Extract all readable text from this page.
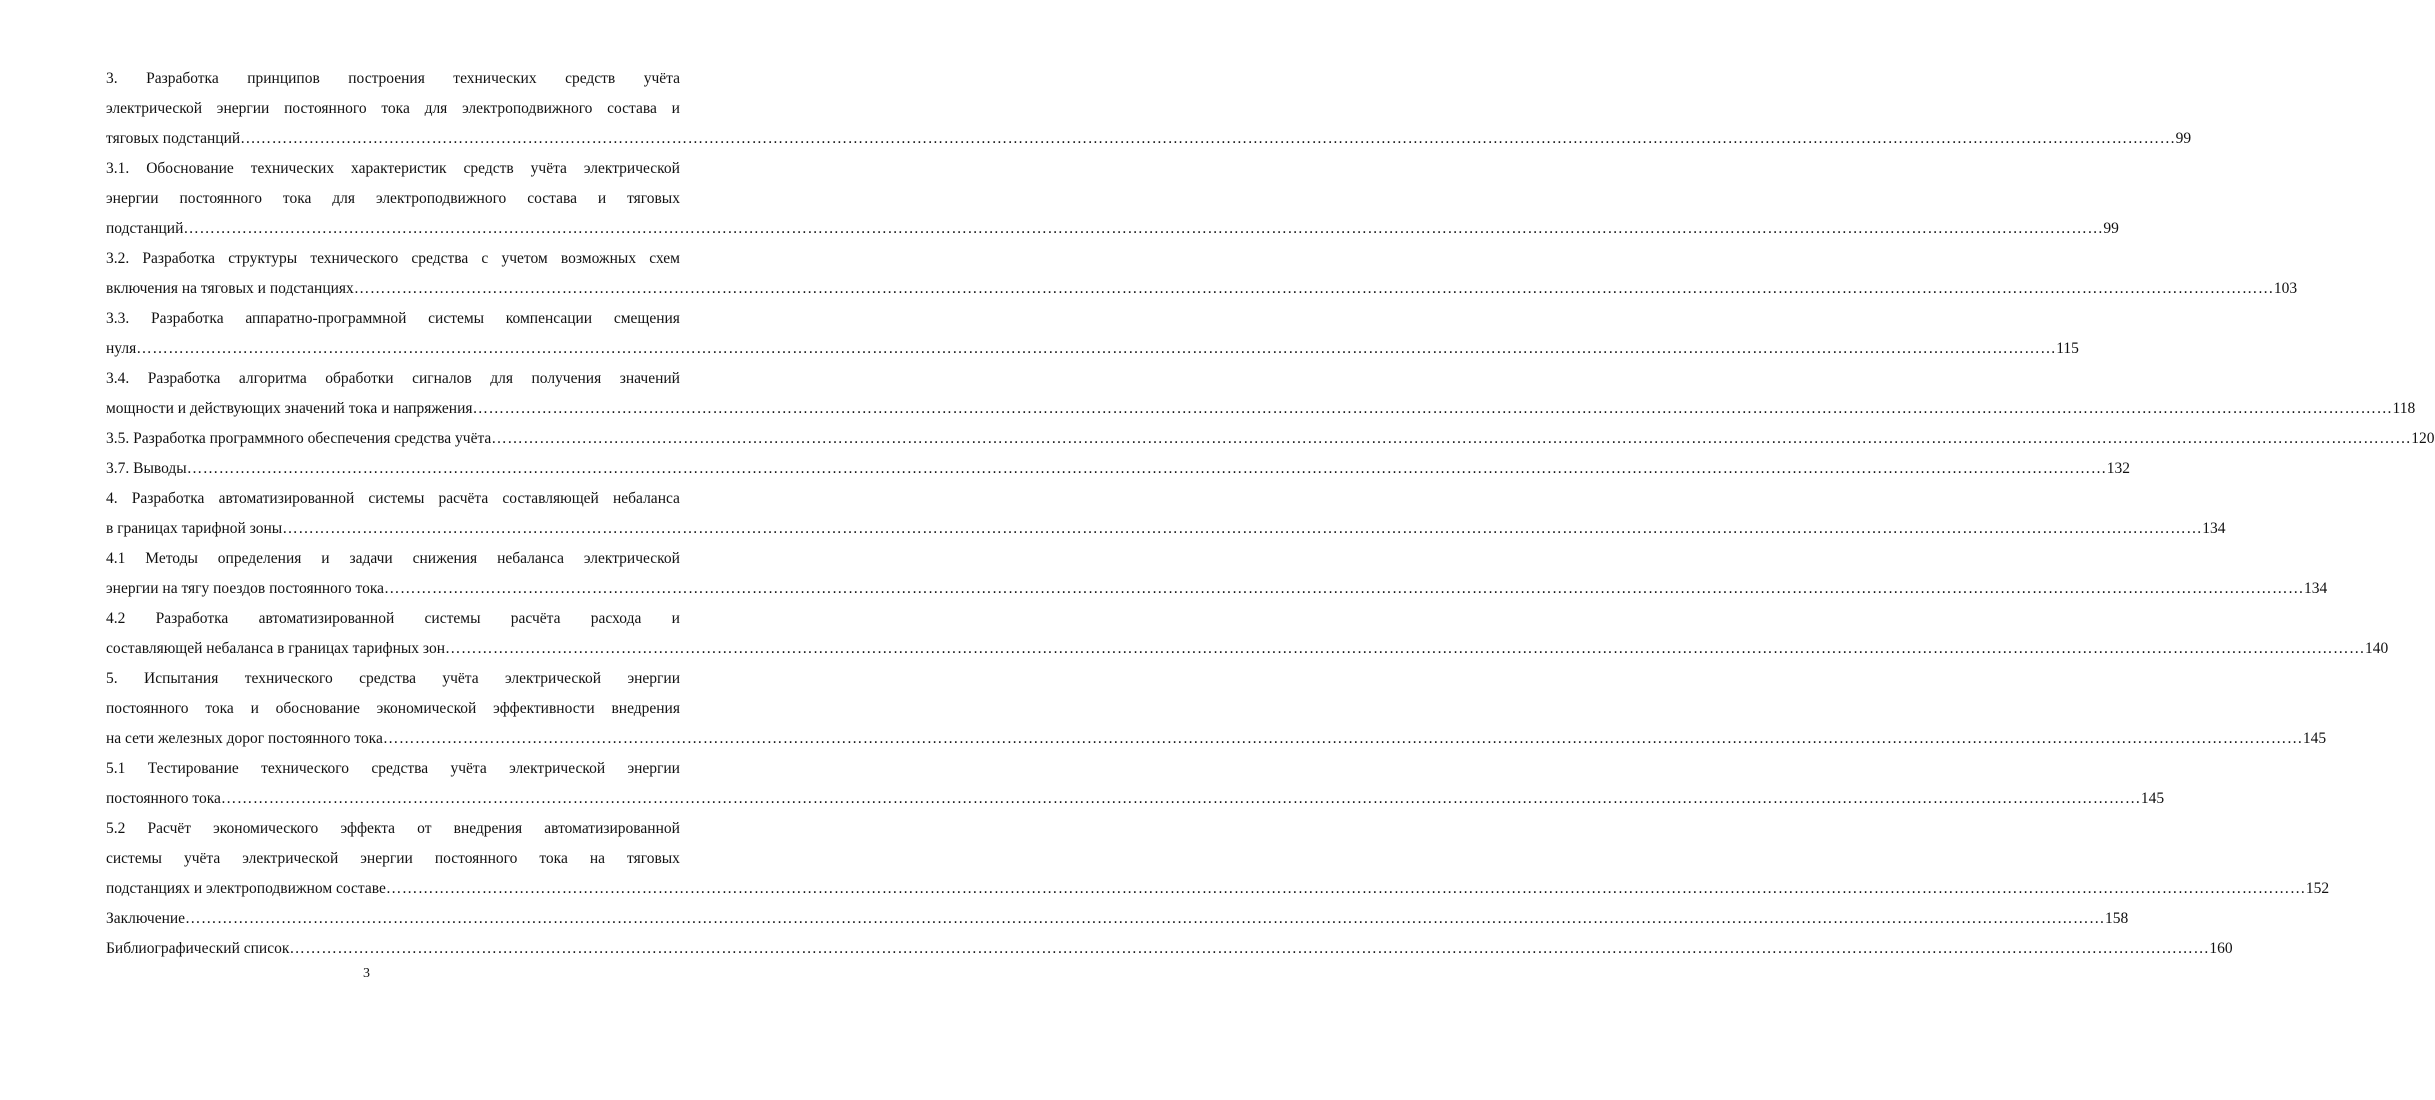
3. Разработка принципов построения технических средств учёта
электрической энергии постоянного тока для электроподвижного состава и
тяговых подстанций… ……………………………………………………………………………………………………………………………………………………………………………………………………………………………………………………………………………………………………………………………… 99
3.1. Обоснование технических характеристик средств учёта электрической
энергии постоянного тока для электроподвижного состава и тяговых
подстанций ……………………………………………………………………………………………………………………………………………………………………………………………………………………………………………………………………………………………………………………………… 99
3.2. Разработка структуры технического средства с учетом возможных схем
включения на тяговых и подстанциях ……………………………………………………………………………………………………………………………………………………………………………………………………………………………………………………………………………………………………………………………… 103
3.3. Разработка аппаратно-программной системы компенсации смещения
нуля ……………………………………………………………………………………………………………………………………………………………………………………………………………………………………………………………………………………………………………………………… 115
3.4. Разработка алгоритма обработки сигналов для получения значений
мощности и действующих значений тока и напряжения ……………………………………………………………………………………………………………………………………………………………………………………………………………………………………………………………………………………………………………………………… 118
3.5. Разработка программного обеспечения средства учёта ……………………………………………………………………………………………………………………………………………………………………………………………………………………………………………………………………………………………………………………………… 120
3.7. Выводы ……………………………………………………………………………………………………………………………………………………………………………………………………………………………………………………………………………………………………………………………… 132
4. Разработка автоматизированной системы расчёта составляющей небаланса
в границах тарифной зоны ……………………………………………………………………………………………………………………………………………………………………………………………………………………………………………………………………………………………………………………………… 134
4.1 Методы определения и задачи снижения небаланса электрической
энергии на тягу поездов постоянного тока ……………………………………………………………………………………………………………………………………………………………………………………………………………………………………………………………………………………………………………………………… 134
4.2 Разработка автоматизированной системы расчёта расхода и
составляющей небаланса в границах тарифных зон ……………………………………………………………………………………………………………………………………………………………………………………………………………………………………………………………………………………………………………………………… 140
5. Испытания технического средства учёта электрической энергии
постоянного тока и обоснование экономической эффективности внедрения
на сети железных дорог постоянного тока ……………………………………………………………………………………………………………………………………………………………………………………………………………………………………………………………………………………………………………………………… 145
5.1 Тестирование технического средства учёта электрической энергии
постоянного тока ……………………………………………………………………………………………………………………………………………………………………………………………………………………………………………………………………………………………………………………………… 145
5.2 Расчёт экономического эффекта от внедрения автоматизированной
системы учёта электрической энергии постоянного тока на тяговых
подстанциях и электроподвижном составе ……………………………………………………………………………………………………………………………………………………………………………………………………………………………………………………………………………………………………………………………… 152
Заключение ……………………………………………………………………………………………………………………………………………………………………………………………………………………………………………………………………………………………………………………………… 158
Библиографический список ……………………………………………………………………………………………………………………………………………………………………………………………………………………………………………………………………………………………………………………………… 160
3
